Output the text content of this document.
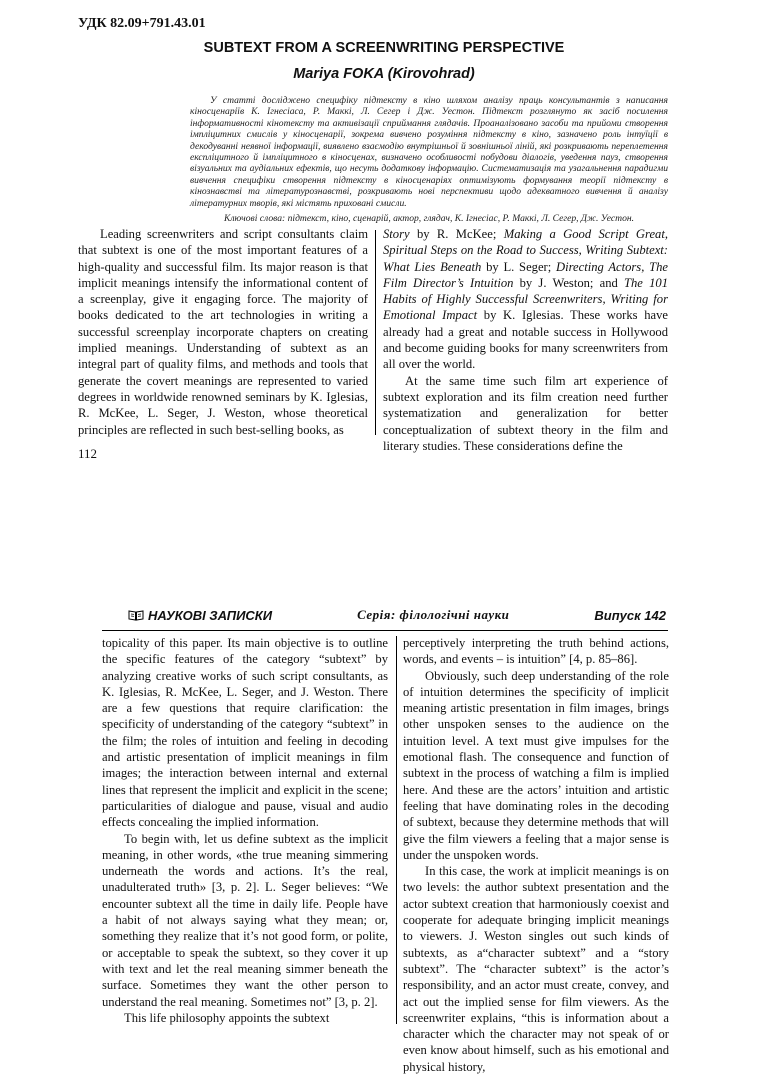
УДК 82.09+791.43.01
SUBTEXT FROM A SCREENWRITING PERSPECTIVE
Mariya FOKA (Kirovohrad)
У статті досліджено специфіку підтексту в кіно шляхом аналізу праць консультантів з написання кіносценаріїв К. Ігнесіаса, Р. Маккі, Л. Сегер і Дж. Уестон. Підтекст розглянуто як засіб посилення інформативності кінотексту та активізації сприймання глядачів. Проаналізовано засоби та прийоми створення імпліцитних смислів у кіносценарії, зокрема вивчено розуміння підтексту в кіно, зазначено роль інтуїції в декодуванні неявної інформації, виявлено взаємодію внутрішньої й зовнішньої ліній, які розкривають переплетення експліцитного й імпліцитного в кіносценах, визначено особливості побудови діалогів, уведення пауз, створення візуальних та аудіальних ефектів, що несуть додаткову інформацію. Систематизація та узагальнення парадигми вивчення специфіки створення підтексту в кіносценаріях оптимізують формування теорії підтексту в кінознавстві та літературознавстві, розкривають нові перспективи щодо адекватного вивчення й аналізу літературних творів, які містять приховані смисли.
Ключові слова: підтекст, кіно, сценарій, актор, глядач, К. Ігнесіас, Р. Маккі, Л. Сегер, Дж. Уестон.

Leading screenwriters and script consultants claim that subtext is one of the most important features of a high-quality and successful film. Its major reason is that implicit meanings intensify the informational content of a screenplay, give it engaging force. The majority of books dedicated to the art technologies in writing a successful screenplay incorporate chapters on creating implied meanings. Understanding of subtext as an integral part of quality films, and methods and tools that generate the covert meanings are represented to varied degrees in worldwide renowned seminars by K. Iglesias, R. McKee, L. Seger, J. Weston, whose theoretical principles are reflected in such best-selling books, as

Story by R. McKee; Making a Good Script Great, Spiritual Steps on the Road to Success, Writing Subtext: What Lies Beneath by L. Seger; Directing Actors, The Film Director’s Intuition by J. Weston; and The 101 Habits of Highly Successful Screenwriters, Writing for Emotional Impact by K. Iglesias. These works have already had a great and notable success in Hollywood and become guiding books for many screenwriters from all over the world.

At the same time such film art experience of subtext exploration and its film creation need further systematization and generalization for better conceptualization of subtext theory in the film and literary studies. These considerations define the

112
НАУКОВІ ЗАПИСКИ	Серія: філологічні науки	Випуск 142

topicality of this paper. Its main objective is to outline the specific features of the category “subtext” by analyzing creative works of such script consultants, as K. Iglesias, R. McKee, L. Seger, and J. Weston. There are a few questions that require clarification: the specificity of understanding of the category “subtext” in the film; the roles of intuition and feeling in decoding and artistic presentation of implicit meanings in film images; the interaction between internal and external lines that represent the implicit and explicit in the scene; particularities of dialogue and pause, visual and audio effects concealing the implied information.

To begin with, let us define subtext as the implicit meaning, in other words, «the true meaning simmering underneath the words and actions. It’s the real, unadulterated truth» [3, p. 2]. L. Seger believes: “We encounter subtext all the time in daily life. People have a habit of not always saying what they mean; or, something they realize that it’s not good form, or polite, or acceptable to speak the subtext, so they cover it up with text and let the real meaning simmer beneath the surface. Sometimes they want the other person to understand the real meaning. Sometimes not” [3, p. 2].

This life philosophy appoints the subtext

perceptively interpreting the truth behind actions, words, and events – is intuition” [4, p. 85–86].

Obviously, such deep understanding of the role of intuition determines the specificity of implicit meaning artistic presentation in film images, brings other unspoken senses to the audience on the intuition level. A text must give impulses for the emotional flash. The consequence and function of subtext in the process of watching a film is implied here. And these are the actors’ intuition and artistic feeling that have dominating roles in the decoding of subtext, because they determine methods that will give the film viewers a feeling that a major sense is under the unspoken words.

In this case, the work at implicit meanings is on two levels: the author subtext presentation and the actor subtext creation that harmoniously coexist and cooperate for adequate bringing implicit meanings to viewers. J. Weston singles out such kinds of subtexts, as a“character subtext” and a “story subtext”. The “character subtext” is the actor’s responsibility, and an actor must create, convey, and act out the implied sense for film viewers. As the screenwriter explains, “this is information about a character which the character may not speak of or even know about himself, such as his emotional and physical history,
